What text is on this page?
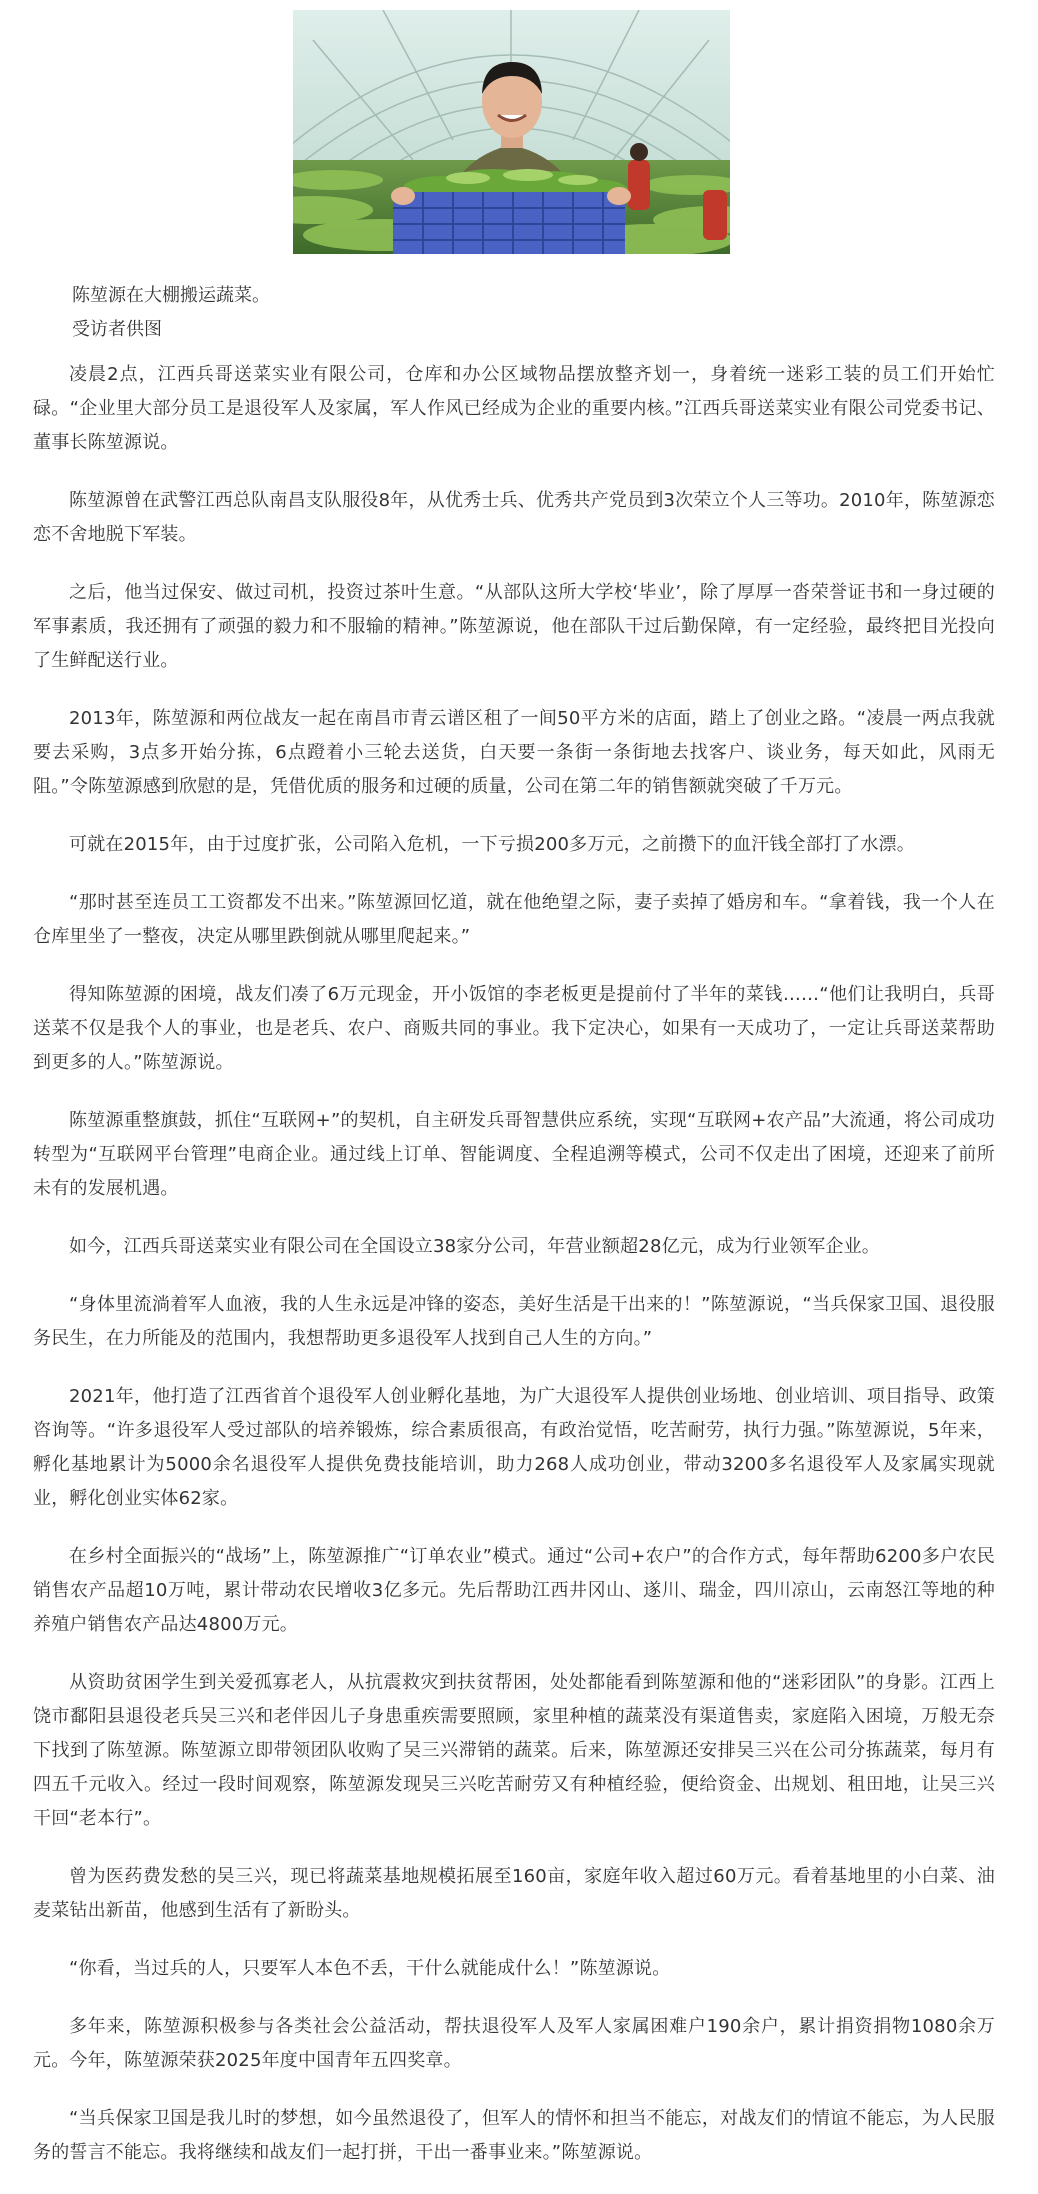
陈堃源在大棚搬运蔬菜。
受访者供图

凌晨2点，江西兵哥送菜实业有限公司，仓库和办公区域物品摆放整齐划一，身着统一迷彩工装的员工们开始忙碌。“企业里大部分员工是退役军人及家属，军人作风已经成为企业的重要内核。”江西兵哥送菜实业有限公司党委书记、董事长陈堃源说。

陈堃源曾在武警江西总队南昌支队服役8年，从优秀士兵、优秀共产党员到3次荣立个人三等功。2010年，陈堃源恋恋不舍地脱下军装。

之后，他当过保安、做过司机，投资过茶叶生意。“从部队这所大学校‘毕业’，除了厚厚一沓荣誉证书和一身过硬的军事素质，我还拥有了顽强的毅力和不服输的精神。”陈堃源说，他在部队干过后勤保障，有一定经验，最终把目光投向了生鲜配送行业。

2013年，陈堃源和两位战友一起在南昌市青云谱区租了一间50平方米的店面，踏上了创业之路。“凌晨一两点我就要去采购，3点多开始分拣，6点蹬着小三轮去送货，白天要一条街一条街地去找客户、谈业务，每天如此，风雨无阻。”令陈堃源感到欣慰的是，凭借优质的服务和过硬的质量，公司在第二年的销售额就突破了千万元。

可就在2015年，由于过度扩张，公司陷入危机，一下亏损200多万元，之前攒下的血汗钱全部打了水漂。

“那时甚至连员工工资都发不出来。”陈堃源回忆道，就在他绝望之际，妻子卖掉了婚房和车。“拿着钱，我一个人在仓库里坐了一整夜，决定从哪里跌倒就从哪里爬起来。”

得知陈堃源的困境，战友们凑了6万元现金，开小饭馆的李老板更是提前付了半年的菜钱……“他们让我明白，兵哥送菜不仅是我个人的事业，也是老兵、农户、商贩共同的事业。我下定决心，如果有一天成功了，一定让兵哥送菜帮助到更多的人。”陈堃源说。

陈堃源重整旗鼓，抓住“互联网+”的契机，自主研发兵哥智慧供应系统，实现“互联网+农产品”大流通，将公司成功转型为“互联网平台管理”电商企业。通过线上订单、智能调度、全程追溯等模式，公司不仅走出了困境，还迎来了前所未有的发展机遇。

如今，江西兵哥送菜实业有限公司在全国设立38家分公司，年营业额超28亿元，成为行业领军企业。

“身体里流淌着军人血液，我的人生永远是冲锋的姿态，美好生活是干出来的！”陈堃源说，“当兵保家卫国、退役服务民生，在力所能及的范围内，我想帮助更多退役军人找到自己人生的方向。”

2021年，他打造了江西省首个退役军人创业孵化基地，为广大退役军人提供创业场地、创业培训、项目指导、政策咨询等。“许多退役军人受过部队的培养锻炼，综合素质很高，有政治觉悟，吃苦耐劳，执行力强。”陈堃源说，5年来，孵化基地累计为5000余名退役军人提供免费技能培训，助力268人成功创业，带动3200多名退役军人及家属实现就业，孵化创业实体62家。

在乡村全面振兴的“战场”上，陈堃源推广“订单农业”模式。通过“公司+农户”的合作方式，每年帮助6200多户农民销售农产品超10万吨，累计带动农民增收3亿多元。先后帮助江西井冈山、遂川、瑞金，四川凉山，云南怒江等地的种养殖户销售农产品达4800万元。

从资助贫困学生到关爱孤寡老人，从抗震救灾到扶贫帮困，处处都能看到陈堃源和他的“迷彩团队”的身影。江西上饶市鄱阳县退役老兵吴三兴和老伴因儿子身患重疾需要照顾，家里种植的蔬菜没有渠道售卖，家庭陷入困境，万般无奈下找到了陈堃源。陈堃源立即带领团队收购了吴三兴滞销的蔬菜。后来，陈堃源还安排吴三兴在公司分拣蔬菜，每月有四五千元收入。经过一段时间观察，陈堃源发现吴三兴吃苦耐劳又有种植经验，便给资金、出规划、租田地，让吴三兴干回“老本行”。

曾为医药费发愁的吴三兴，现已将蔬菜基地规模拓展至160亩，家庭年收入超过60万元。看着基地里的小白菜、油麦菜钻出新苗，他感到生活有了新盼头。

“你看，当过兵的人，只要军人本色不丢，干什么就能成什么！”陈堃源说。

多年来，陈堃源积极参与各类社会公益活动，帮扶退役军人及军人家属困难户190余户，累计捐资捐物1080余万元。今年，陈堃源荣获2025年度中国青年五四奖章。

“当兵保家卫国是我儿时的梦想，如今虽然退役了，但军人的情怀和担当不能忘，对战友们的情谊不能忘，为人民服务的誓言不能忘。我将继续和战友们一起打拼，干出一番事业来。”陈堃源说。
